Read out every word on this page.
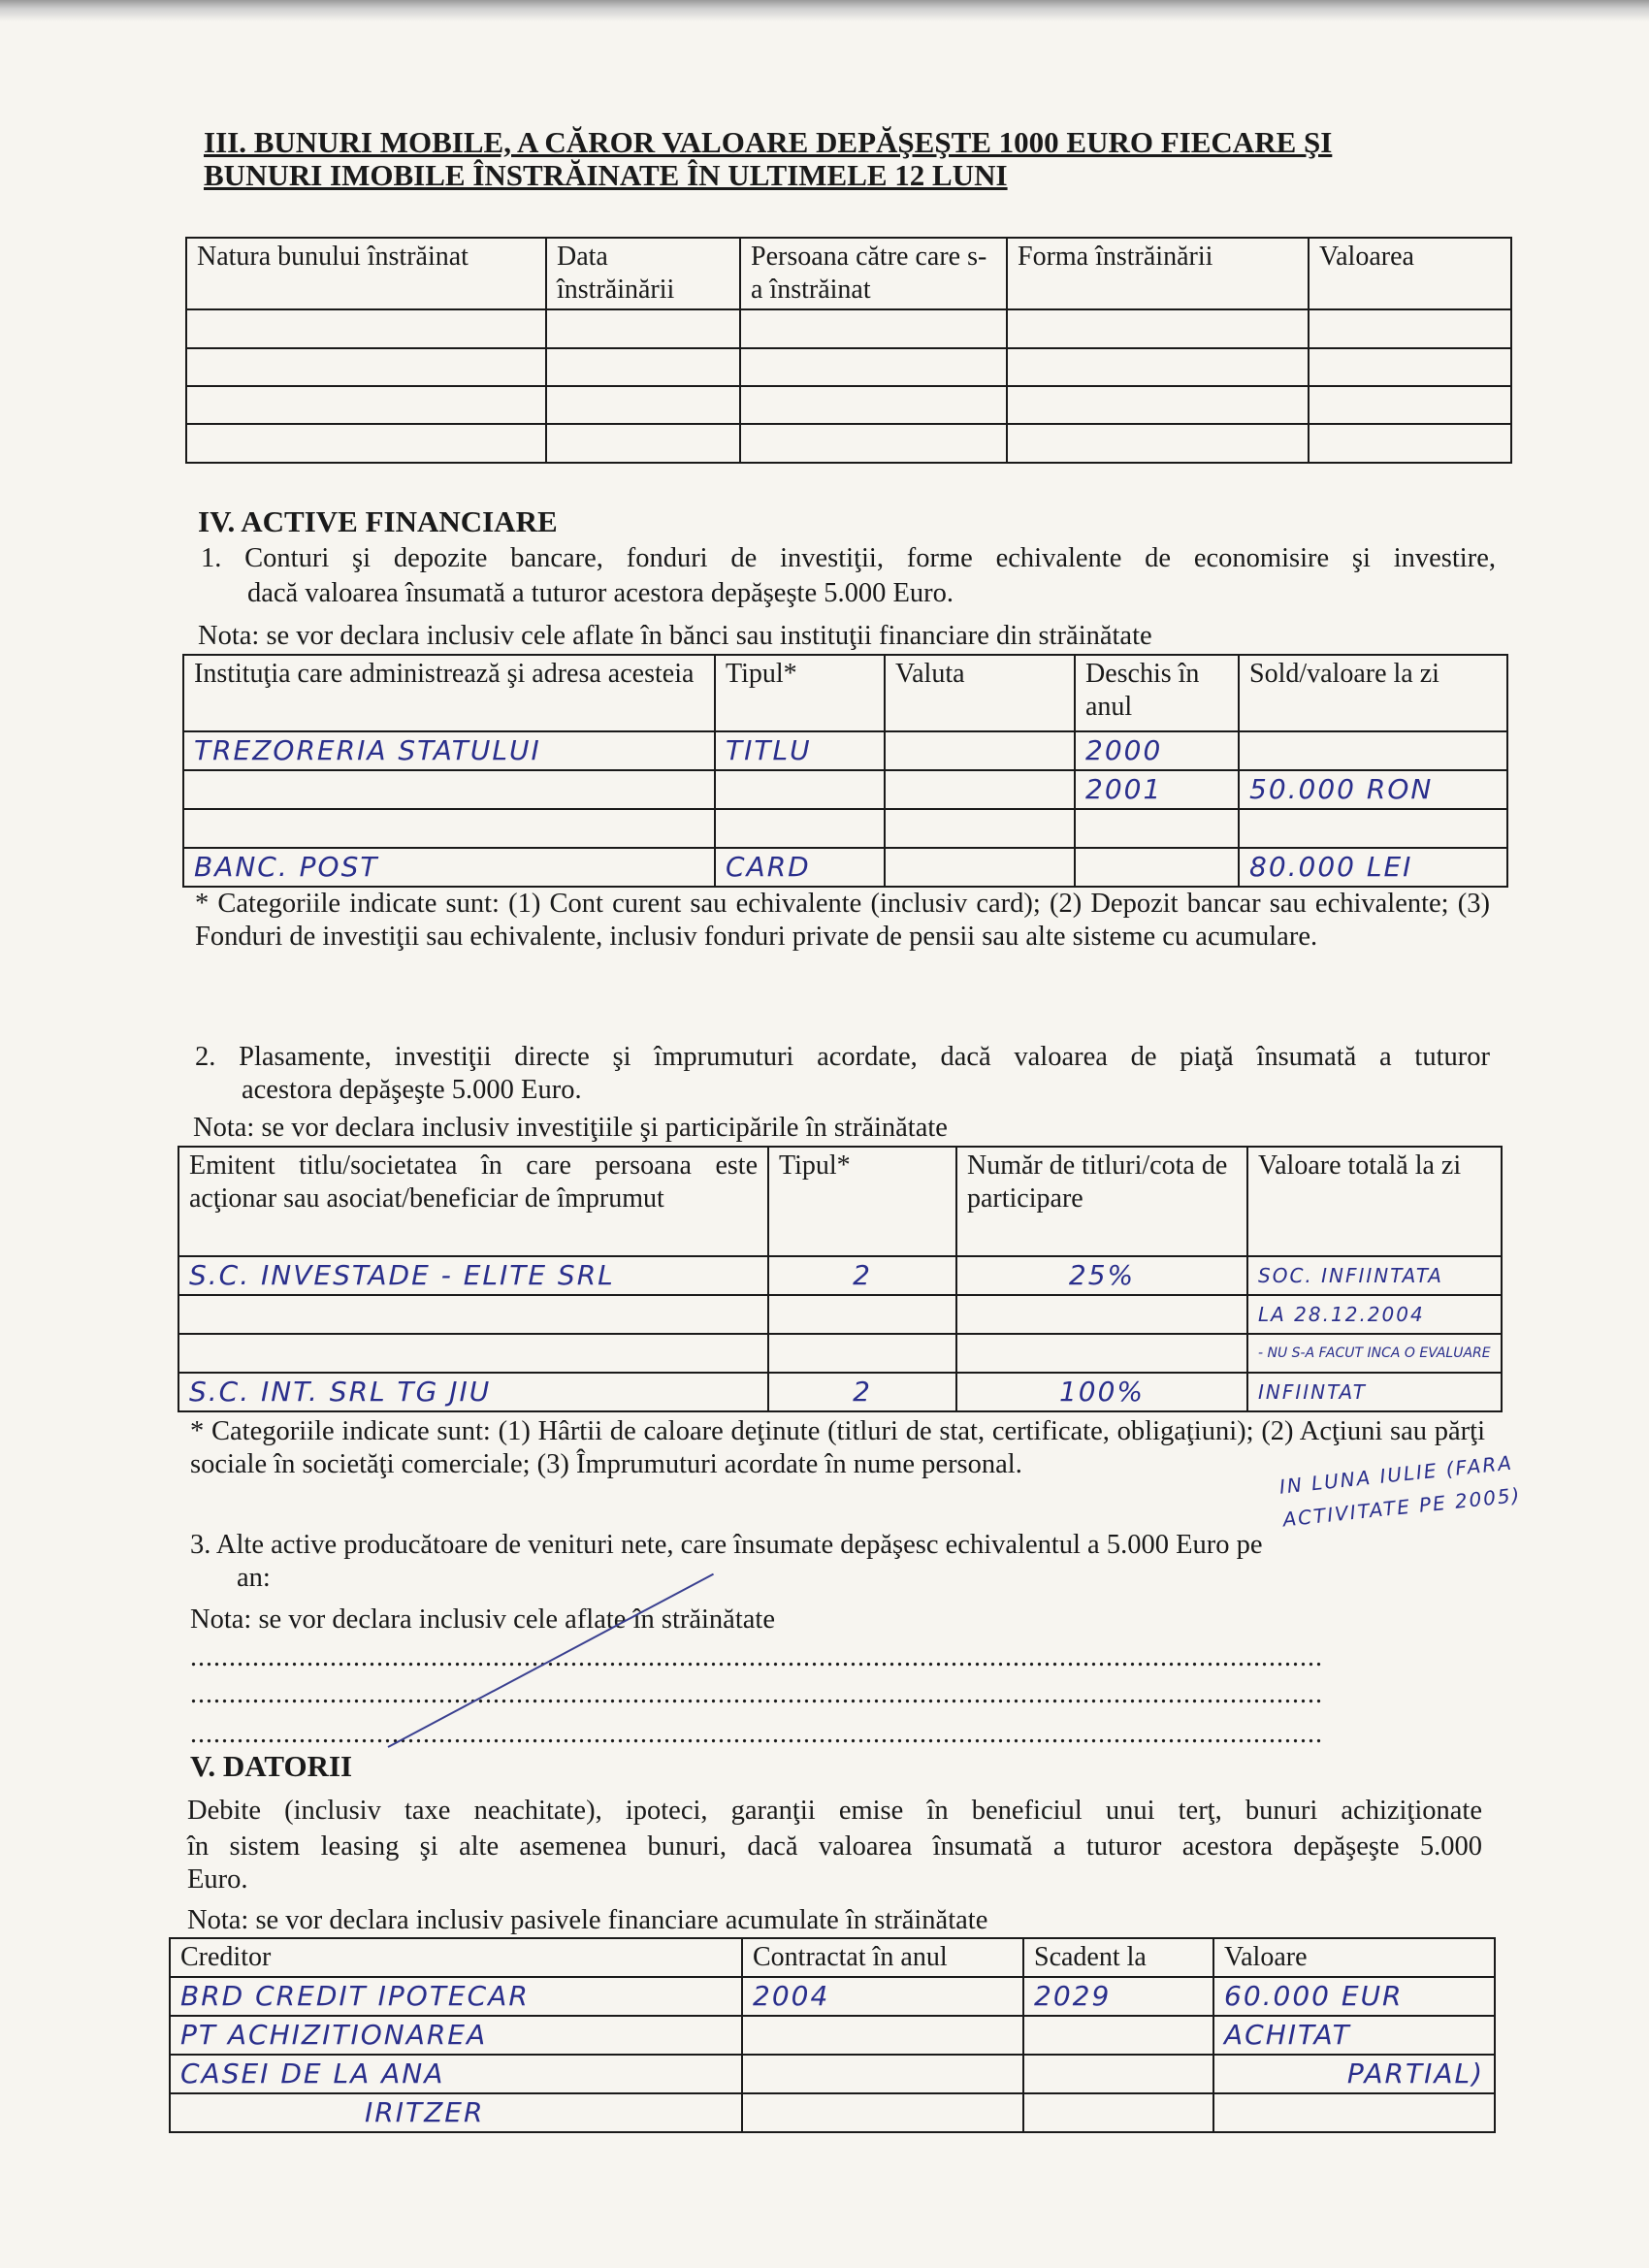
III. BUNURI MOBILE, A CĂROR VALOARE DEPĂŞEŞTE 1000 EURO FIECARE ŞI
BUNURI IMOBILE ÎNSTRĂINATE ÎN ULTIMELE 12 LUNI
Natura bunului înstrăinat	Data înstrăinării	Persoana către care s-a înstrăinat	Forma înstrăinării	Valoarea

IV. ACTIVE FINANCIARE
1. Conturi şi depozite bancare, fonduri de investiţii, forme echivalente de economisire şi investire,
dacă valoarea însumată a tuturor acestora depăşeşte 5.000 Euro.
Nota: se vor declara inclusiv cele aflate în bănci sau instituţii financiare din străinătate
Instituţia care administrează şi adresa acesteia	Tipul*	Valuta	Deschis în anul	Sold/valoare la zi
TREZORERIA STATULUI	TITLU		2000	
			2001	50.000 RON

BANC. POST	CARD			80.000 LEI
* Categoriile indicate sunt: (1) Cont curent sau echivalente (inclusiv card); (2) Depozit bancar sau echivalente; (3) Fonduri de investiţii sau echivalente, inclusiv fonduri private de pensii sau alte sisteme cu acumulare.
2. Plasamente, investiţii directe şi împrumuturi acordate, dacă valoarea de piaţă însumată a tuturor
acestora depăşeşte 5.000 Euro.
Nota: se vor declara inclusiv investiţiile şi participările în străinătate
Emitent titlu/societatea în care persoana este acţionar sau asociat/beneficiar de împrumut	Tipul*	Număr de titluri/cota de participare	Valoare totală la zi
S.C. INVESTADE - ELITE SRL	2	25%	SOC. INFIINTATA
			LA 28.12.2004
			- NU S-A FACUT INCA O EVALUARE
S.C. INT. SRL TG JIU	2	100%	INFIINTAT
* Categoriile indicate sunt: (1) Hârtii de caloare deţinute (titluri de stat, certificate, obligaţiuni); (2) Acţiuni sau părţi sociale în societăţi comerciale; (3) Împrumuturi acordate în nume personal.	IN LUNA IULIE (FARA ACTIVITATE PE 2005)
3. Alte active producătoare de venituri nete, care însumate depăşesc echivalentul a 5.000 Euro pe
an:
Nota: se vor declara inclusiv cele aflate în străinătate
..................................................................................................................................................
..................................................................................................................................................
..................................................................................................................................................
V. DATORII
Debite (inclusiv taxe neachitate), ipoteci, garanţii emise în beneficiul unui terţ, bunuri achiziţionate
în sistem leasing şi alte asemenea bunuri, dacă valoarea însumată a tuturor acestora depăşeşte 5.000
Euro.
Nota: se vor declara inclusiv pasivele financiare acumulate în străinătate
Creditor	Contractat în anul	Scadent la	Valoare
BRD CREDIT IPOTECAR	2004	2029	60.000 EUR
PT ACHIZITIONAREA			ACHITAT
CASEI DE LA ANA			PARTIAL)
IRITZER			
